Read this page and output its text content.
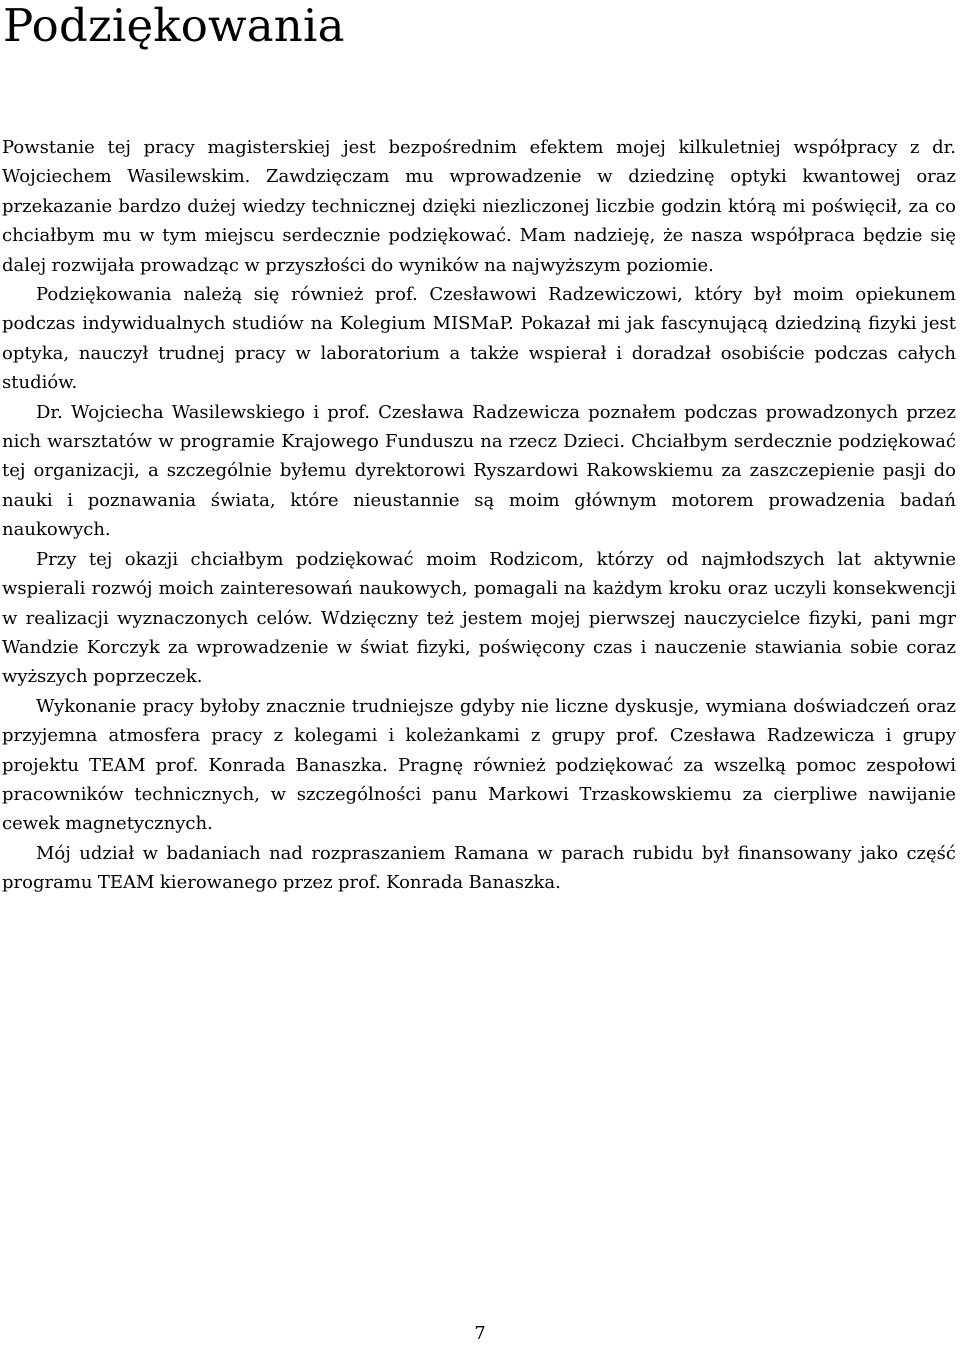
Podziękowania

Powstanie tej pracy magisterskiej jest bezpośrednim efektem mojej kilkuletniej współpracy z dr. Wojciechem Wasilewskim. Zawdzięczam mu wprowadzenie w dziedzinę optyki kwantowej oraz przekazanie bardzo dużej wiedzy technicznej dzięki niezliczonej liczbie godzin którą mi poświęcił, za co chciałbym mu w tym miejscu serdecznie podziękować. Mam nadzieję, że nasza współpraca będzie się dalej rozwijała prowadząc w przyszłości do wyników na najwyższym poziomie.

Podziękowania należą się również prof. Czesławowi Radzewiczowi, który był moim opiekunem podczas indywidualnych studiów na Kolegium MISMaP. Pokazał mi jak fascynującą dziedziną fizyki jest optyka, nauczył trudnej pracy w laboratorium a także wspierał i doradzał osobiście podczas całych studiów.

Dr. Wojciecha Wasilewskiego i prof. Czesława Radzewicza poznałem podczas prowadzonych przez nich warsztatów w programie Krajowego Funduszu na rzecz Dzieci. Chciałbym serdecznie podziękować tej organizacji, a szczególnie byłemu dyrektorowi Ryszardowi Rakowskiemu za zaszczepienie pasji do nauki i poznawania świata, które nieustannie są moim głównym motorem prowadzenia badań naukowych.

Przy tej okazji chciałbym podziękować moim Rodzicom, którzy od najmłodszych lat aktywnie wspierali rozwój moich zainteresowań naukowych, pomagali na każdym kroku oraz uczyli konsekwencji w realizacji wyznaczonych celów. Wdzięczny też jestem mojej pierwszej nauczycielce fizyki, pani mgr Wandzie Korczyk za wprowadzenie w świat fizyki, poświęcony czas i nauczenie stawiania sobie coraz wyższych poprzeczek.

Wykonanie pracy byłoby znacznie trudniejsze gdyby nie liczne dyskusje, wymiana doświadczeń oraz przyjemna atmosfera pracy z kolegami i koleżankami z grupy prof. Czesława Radzewicza i grupy projektu TEAM prof. Konrada Banaszka. Pragnę również podziękować za wszelką pomoc zespołowi pracowników technicznych, w szczególności panu Markowi Trzaskowskiemu za cierpliwe nawijanie cewek magnetycznych.

Mój udział w badaniach nad rozpraszaniem Ramana w parach rubidu był finansowany jako część programu TEAM kierowanego przez prof. Konrada Banaszka.

7
